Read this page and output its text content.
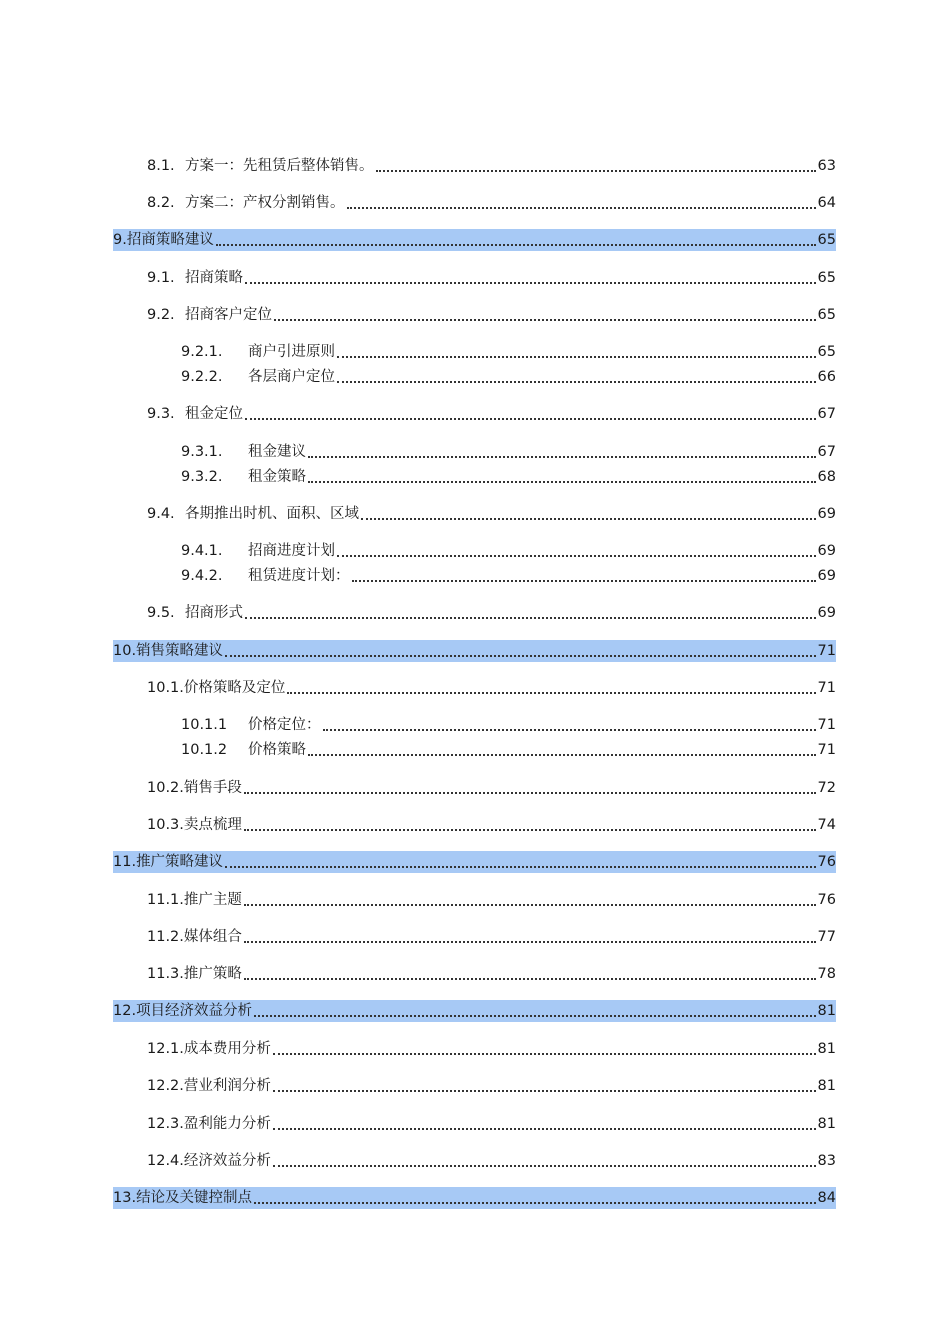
8.1. 方案一：先租赁后整体销售。	63
8.2. 方案二：产权分割销售。	64
9. 招商策略建议	65
9.1. 招商策略	65
9.2. 招商客户定位	65
9.2.1.	商户引进原则	65
9.2.2.	各层商户定位	66
9.3. 租金定位	67
9.3.1.	租金建议	67
9.3.2.	租金策略	68
9.4. 各期推出时机、面积、区域	69
9.4.1.	招商进度计划	69
9.4.2.	租赁进度计划：	69
9.5. 招商形式	69
10. 销售策略建议	71
10.1. 价格策略及定位	71
10.1.1	价格定位：	71
10.1.2	价格策略	71
10.2. 销售手段	72
10.3. 卖点梳理	74
11. 推广策略建议	76
11.1. 推广主题	76
11.2. 媒体组合	77
11.3. 推广策略	78
12. 项目经济效益分析	81
12.1. 成本费用分析	81
12.2. 营业利润分析	81
12.3. 盈利能力分析	81
12.4. 经济效益分析	83
13. 结论及关键控制点	84
